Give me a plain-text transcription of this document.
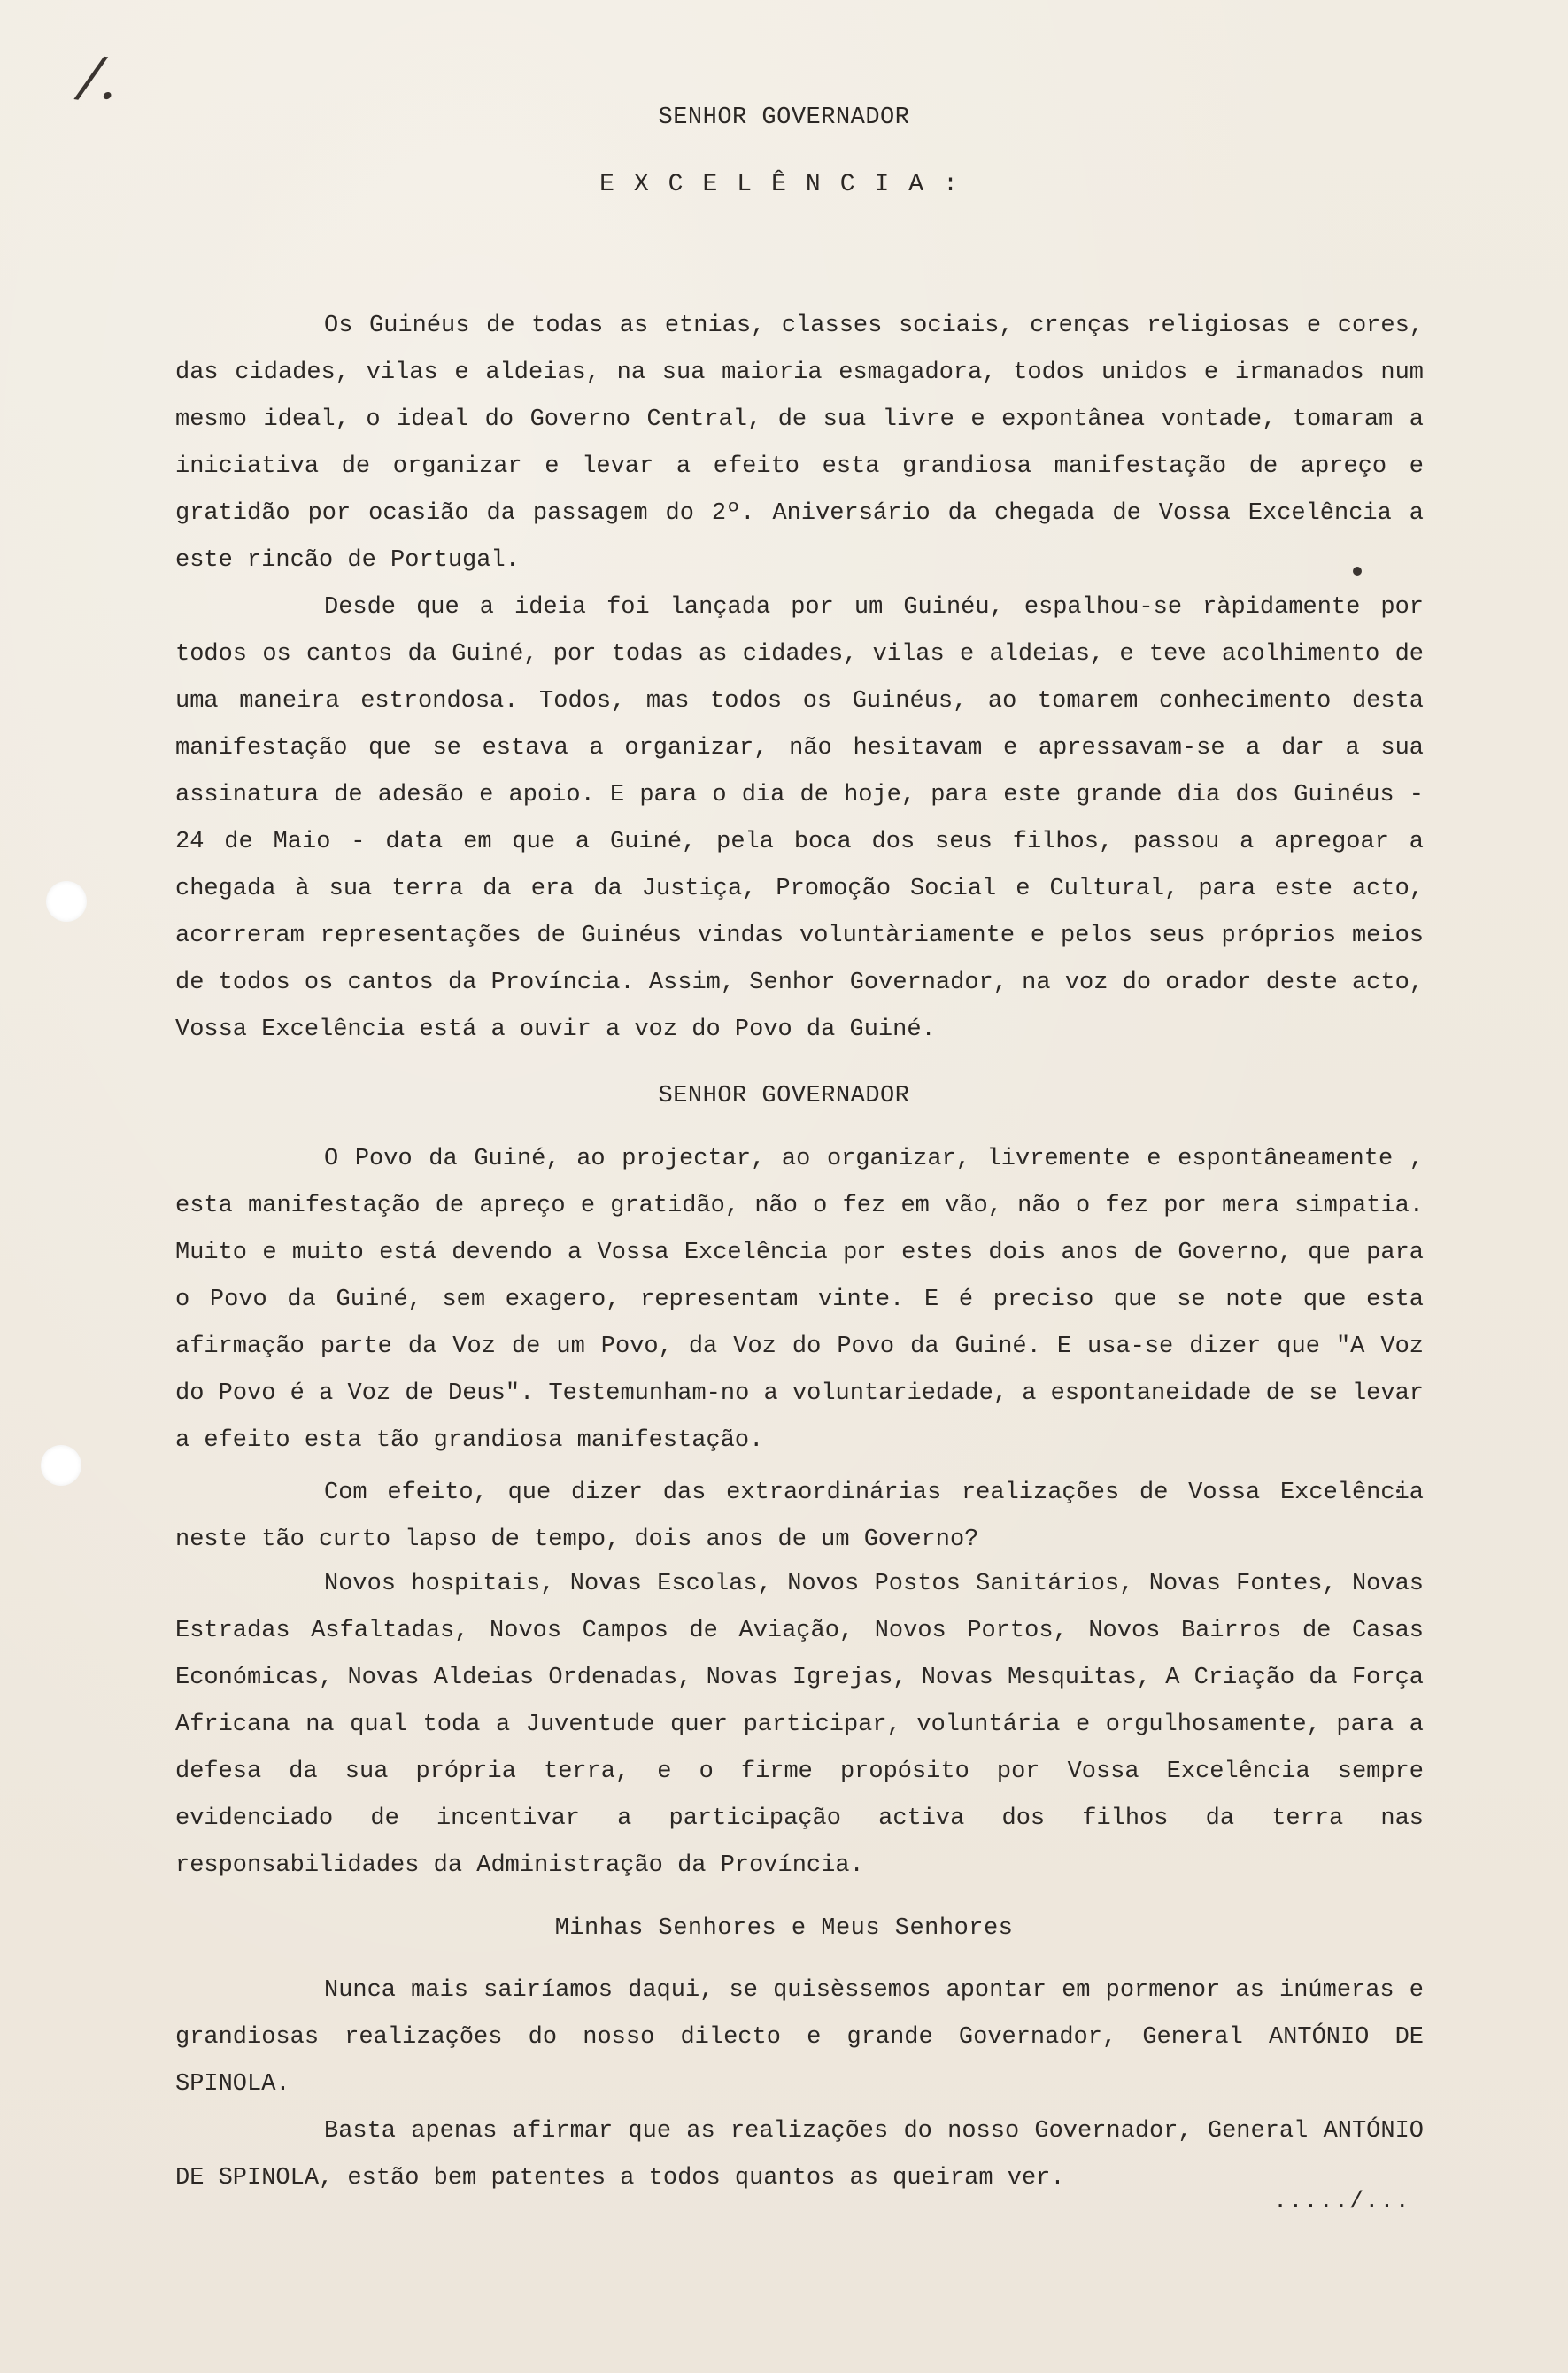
/.
SENHOR GOVERNADOR
EXCELÊNCIA:

Os Guinéus de todas as etnias, classes sociais, crenças religiosas e cores, das cidades, vilas e aldeias, na sua maioria esmagadora, todos unidos e irmanados num mesmo ideal, o ideal do Governo Central, de sua livre e expontânea vontade, tomaram a iniciativa de organizar e levar a efeito esta grandiosa manifestação de apreço e gratidão por ocasião da passagem do 2º. Aniversário da chegada de Vossa Excelência a este rincão de Portugal.

Desde que a ideia foi lançada por um Guinéu, espalhou-se ràpidamente por todos os cantos da Guiné, por todas as cidades, vilas e aldeias, e teve acolhimento de uma maneira estrondosa. Todos, mas todos os Guinéus, ao tomarem conhecimento desta manifestação que se estava a organizar, não hesitavam e apressavam-se a dar a sua assinatura de adesão e apoio. E para o dia de hoje, para este grande dia dos Guinéus - 24 de Maio - data em que a Guiné, pela boca dos seus filhos, passou a apregoar a chegada à sua terra da era da Justiça, Promoção Social e Cultural, para este acto, acorreram representações de Guinéus vindas voluntàriamente e pelos seus próprios meios de todos os cantos da Província. Assim, Senhor Governador, na voz do orador deste acto, Vossa Excelência está a ouvir a voz do Povo da Guiné.

SENHOR GOVERNADOR

O Povo da Guiné, ao projectar, ao organizar, livremente e espontâneamente , esta manifestação de apreço e gratidão, não o fez em vão, não o fez por mera simpatia. Muito e muito está devendo a Vossa Excelência por estes dois anos de Governo, que para o Povo da Guiné, sem exagero, representam vinte. E é preciso que se note que esta afirmação parte da Voz de um Povo, da Voz do Povo da Guiné. E usa-se dizer que "A Voz do Povo é a Voz de Deus". Testemunham-no a voluntariedade, a espontaneidade de se levar a efeito esta tão grandiosa manifestação.

Com efeito, que dizer das extraordinárias realizações de Vossa Excelência neste tão curto lapso de tempo, dois anos de um Governo?

Novos hospitais, Novas Escolas, Novos Postos Sanitários, Novas Fontes, Novas Estradas Asfaltadas, Novos Campos de Aviação, Novos Portos, Novos Bairros de Casas Económicas, Novas Aldeias Ordenadas, Novas Igrejas, Novas Mesquitas, A Criação da Força Africana na qual toda a Juventude quer participar, voluntária e orgulhosamente, para a defesa da sua própria terra, e o firme propósito por Vossa Excelência sempre evidenciado de incentivar a participação activa dos filhos da terra nas responsabilidades da Administração da Província.

Minhas Senhores e Meus Senhores

Nunca mais sairíamos daqui, se quisèssemos apontar em pormenor as inúmeras e grandiosas realizações do nosso dilecto e grande Governador, General ANTÓNIO DE SPINOLA.

Basta apenas afirmar que as realizações do nosso Governador, General ANTÓNIO DE SPINOLA, estão bem patentes a todos quantos as queiram ver.

...../...
